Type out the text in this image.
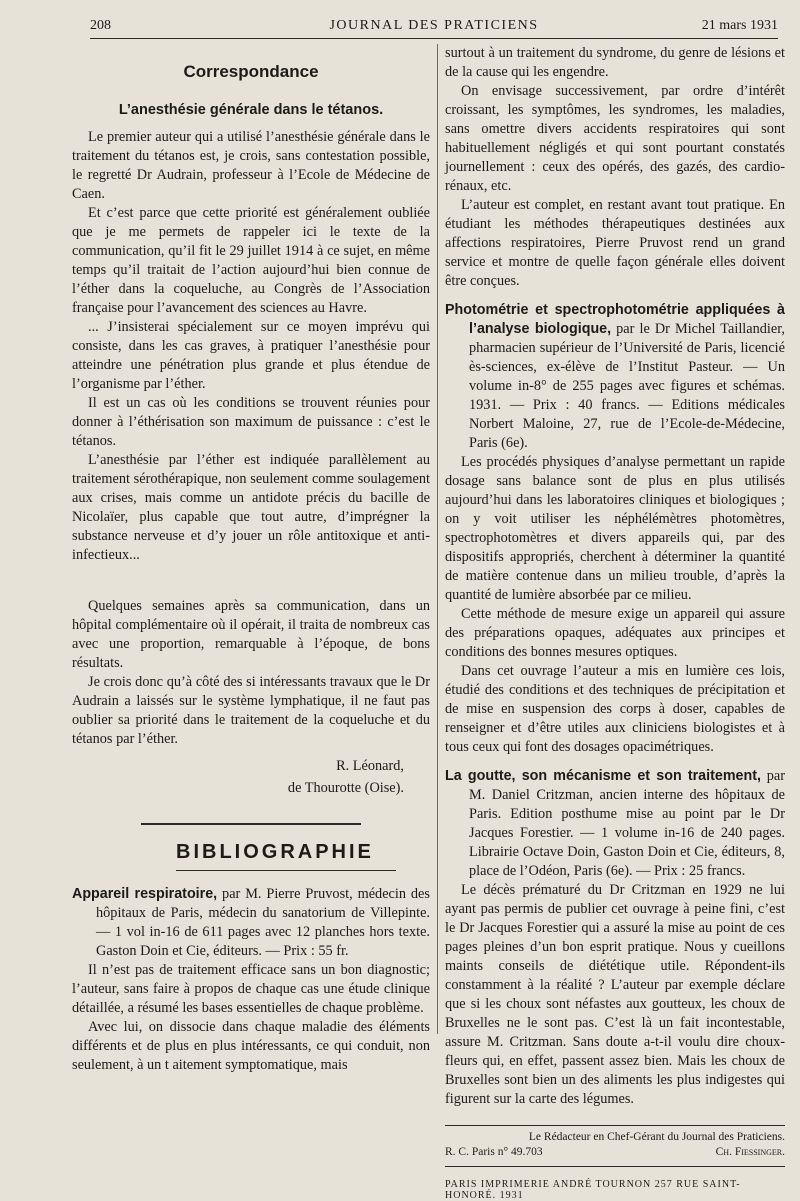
208	JOURNAL DES PRATICIENS	21 mars 1931
Correspondance
L’anesthésie générale dans le tétanos.

Le premier auteur qui a utilisé l’anesthésie générale dans le traitement du tétanos est, je crois, sans contestation possible, le regretté Dr Audrain, professeur à l’Ecole de Médecine de Caen.

Et c’est parce que cette priorité est généralement oubliée que je me permets de rappeler ici le texte de la communication, qu’il fit le 29 juillet 1914 à ce sujet, en même temps qu’il traitait de l’action aujourd’hui bien connue de l’éther dans la coqueluche, au Congrès de l’Association française pour l’avancement des sciences au Havre.

... J’insisterai spécialement sur ce moyen imprévu qui consiste, dans les cas graves, à pratiquer l’anesthésie pour atteindre une pénétration plus grande et plus étendue de l’organisme par l’éther.

Il est un cas où les conditions se trouvent réunies pour donner à l’éthérisation son maximum de puissance : c’est le tétanos.

L’anesthésie par l’éther est indiquée parallèlement au traitement sérothérapique, non seulement comme soulagement aux crises, mais comme un antidote précis du bacille de Nicolaïer, plus capable que tout autre, d’imprégner la substance nerveuse et d’y jouer un rôle antitoxique et anti-infectieux...

Quelques semaines après sa communication, dans un hôpital complémentaire où il opérait, il traita de nombreux cas avec une proportion, remarquable à l’époque, de bons résultats.

Je crois donc qu’à côté des si intéressants travaux que le Dr Audrain a laissés sur le système lymphatique, il ne faut pas oublier sa priorité dans le traitement de la coqueluche et du tétanos par l’éther.

R. Léonard,
de Thourotte (Oise).
BIBLIOGRAPHIE

Appareil respiratoire, par M. Pierre Pruvost, médecin des hôpitaux de Paris, médecin du sanatorium de Villepinte. — 1 vol in-16 de 611 pages avec 12 planches hors texte. Gaston Doin et Cie, éditeurs. — Prix : 55 fr.

Il n’est pas de traitement efficace sans un bon diagnostic; l’auteur, sans faire à propos de chaque cas une étude clinique détaillée, a résumé les bases essentielles de chaque problème.

Avec lui, on dissocie dans chaque maladie des éléments différents et de plus en plus intéressants, ce qui conduit, non seulement, à un t aitement symptomatique, mais

surtout à un traitement du syndrome, du genre de lésions et de la cause qui les engendre.

On envisage successivement, par ordre d’intérêt croissant, les symptômes, les syndromes, les maladies, sans omettre divers accidents respiratoires qui sont habituellement négligés et qui sont pourtant constatés journellement : ceux des opérés, des gazés, des cardio-rénaux, etc.

L’auteur est complet, en restant avant tout pratique. En étudiant les méthodes thérapeutiques destinées aux affections respiratoires, Pierre Pruvost rend un grand service et montre de quelle façon générale elles doivent être conçues.

Photométrie et spectrophotométrie appliquées à l’analyse biologique, par le Dr Michel Taillandier, pharmacien supérieur de l’Université de Paris, licencié ès-sciences, ex-élève de l’Institut Pasteur. — Un volume in-8° de 255 pages avec figures et schémas. 1931. — Prix : 40 francs. — Editions médicales Norbert Maloine, 27, rue de l’Ecole-de-Médecine, Paris (6e).

Les procédés physiques d’analyse permettant un rapide dosage sans balance sont de plus en plus utilisés aujourd’hui dans les laboratoires cliniques et biologiques ; on y voit utiliser les néphélémètres photomètres, spectrophotomètres et divers appareils qui, par des dispositifs appropriés, cherchent à déterminer la quantité de matière contenue dans un milieu trouble, d’après la quantité de lumière absorbée par ce milieu.

Cette méthode de mesure exige un appareil qui assure des préparations opaques, adéquates aux principes et conditions des bonnes mesures optiques.

Dans cet ouvrage l’auteur a mis en lumière ces lois, étudié des conditions et des techniques de précipitation et de mise en suspension des corps à doser, capables de renseigner et d’être utiles aux cliniciens biologistes et à tous ceux qui font des dosages opacimétriques.

La goutte, son mécanisme et son traitement, par M. Daniel Critzman, ancien interne des hôpitaux de Paris. Edition posthume mise au point par le Dr Jacques Forestier. — 1 volume in-16 de 240 pages. Librairie Octave Doin, Gaston Doin et Cie, éditeurs, 8, place de l’Odéon, Paris (6e). — Prix : 25 francs.

Le décès prématuré du Dr Critzman en 1929 ne lui ayant pas permis de publier cet ouvrage à peine fini, c’est le Dr Jacques Forestier qui a assuré la mise au point de ces pages pleines d’un bon esprit pratique. Nous y cueillons maints conseils de diététique utile. Répondent-ils constamment à la réalité ? L’auteur par exemple déclare que si les choux sont néfastes aux goutteux, les choux de Bruxelles ne le sont pas. C’est là un fait incontestable, assure M. Critzman. Sans doute a-t-il voulu dire choux-fleurs qui, en effet, passent assez bien. Mais les choux de Bruxelles sont bien un des aliments les plus indigestes qui figurent sur la carte des légumes.

Le Rédacteur en Chef-Gérant du Journal des Praticiens.
R. C. Paris n° 49.703	Ch. Fiessinger.
PARIS IMPRIMERIE ANDRÉ TOURNON 257 RUE SAINT-HONORÉ. 1931
